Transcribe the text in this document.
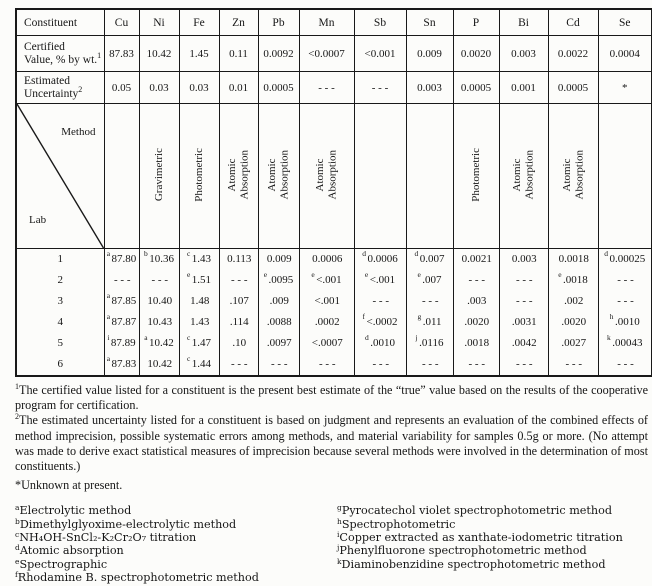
Constituent	Cu	Ni	Fe	Zn	Pb	Mn	Sb	Sn	P	Bi	Cd	Se

Certified
Value, % by wt.$^1$	87.83	10.42	1.45	0.11	0.0092	<0.0007	<0.001	0.009	0.0020	0.003	0.0022	0.0004

Estimated
Uncertainty$^2$	0.05	0.03	0.03	0.01	0.0005	- - -	- - -	0.003	0.0005	0.001	0.0005	*

Method
Lab		Gravimetric	Photometric	Atomic Absorption	Atomic Absorption	Atomic Absorption			Photometric	Atomic Absorption	Atomic Absorption	

1	$^a$ 87.80	$^b$ 10.36	$^c$ 1.43	0.113	0.009	0.0006	$^d$ 0.0006	$^d$ 0.007	0.0021	0.003	0.0018	$^d$ 0.00025
2	- - -	- - -	$^e$ 1.51	- - -	$^e$ .0095	$^e$ <.001	$^e$ <.001	$^e$ .007	- - -	- - -	$^e$ .0018	- - -
3	$^a$ 87.85	10.40	1.48	.107	.009	<.001	- - -	- - -	.003	- - -	.002	- - -
4	$^a$ 87.87	10.43	1.43	.114	.0088	.0002	$^f$ <.0002	$^g$ .011	.0020	.0031	.0020	$^h$ .0010
5	$^i$ 87.89	$^a$ 10.42	$^c$ 1.47	.10	.0097	<.0007	$^d$ .0010	$^j$ .0116	.0018	.0042	.0027	$^k$ .00043
6	$^a$ 87.83	10.42	$^c$ 1.44	- - -	- - -	- - -	- - -	- - -	- - -	- - -	- - -	- - -

$^1$The certified value listed for a constituent is the present best estimate of the “true” value based on the results of the cooperative program for certification.

$^2$The estimated uncertainty listed for a constituent is based on judgment and represents an evaluation of the combined effects of method imprecision, possible systematic errors among methods, and material variability for samples 0.5g or more. (No attempt was made to derive exact statistical measures of imprecision because several methods were involved in the determination of most constituents.)

*Unknown at present.

$^a$Electrolytic method
$^b$Dimethylglyoxime-electrolytic method
$^c$NH₄OH-SnCl₂-K₂Cr₂O₇ titration
$^d$Atomic absorption
$^e$Spectrographic
$^f$Rhodamine B. spectrophotometric method
$^g$Pyrocatechol violet spectrophotometric method
$^h$Spectrophotometric
$^i$Copper extracted as xanthate-iodometric titration
$^j$Phenylfluorone spectrophotometric method
$^k$Diaminobenzidine spectrophotometric method
